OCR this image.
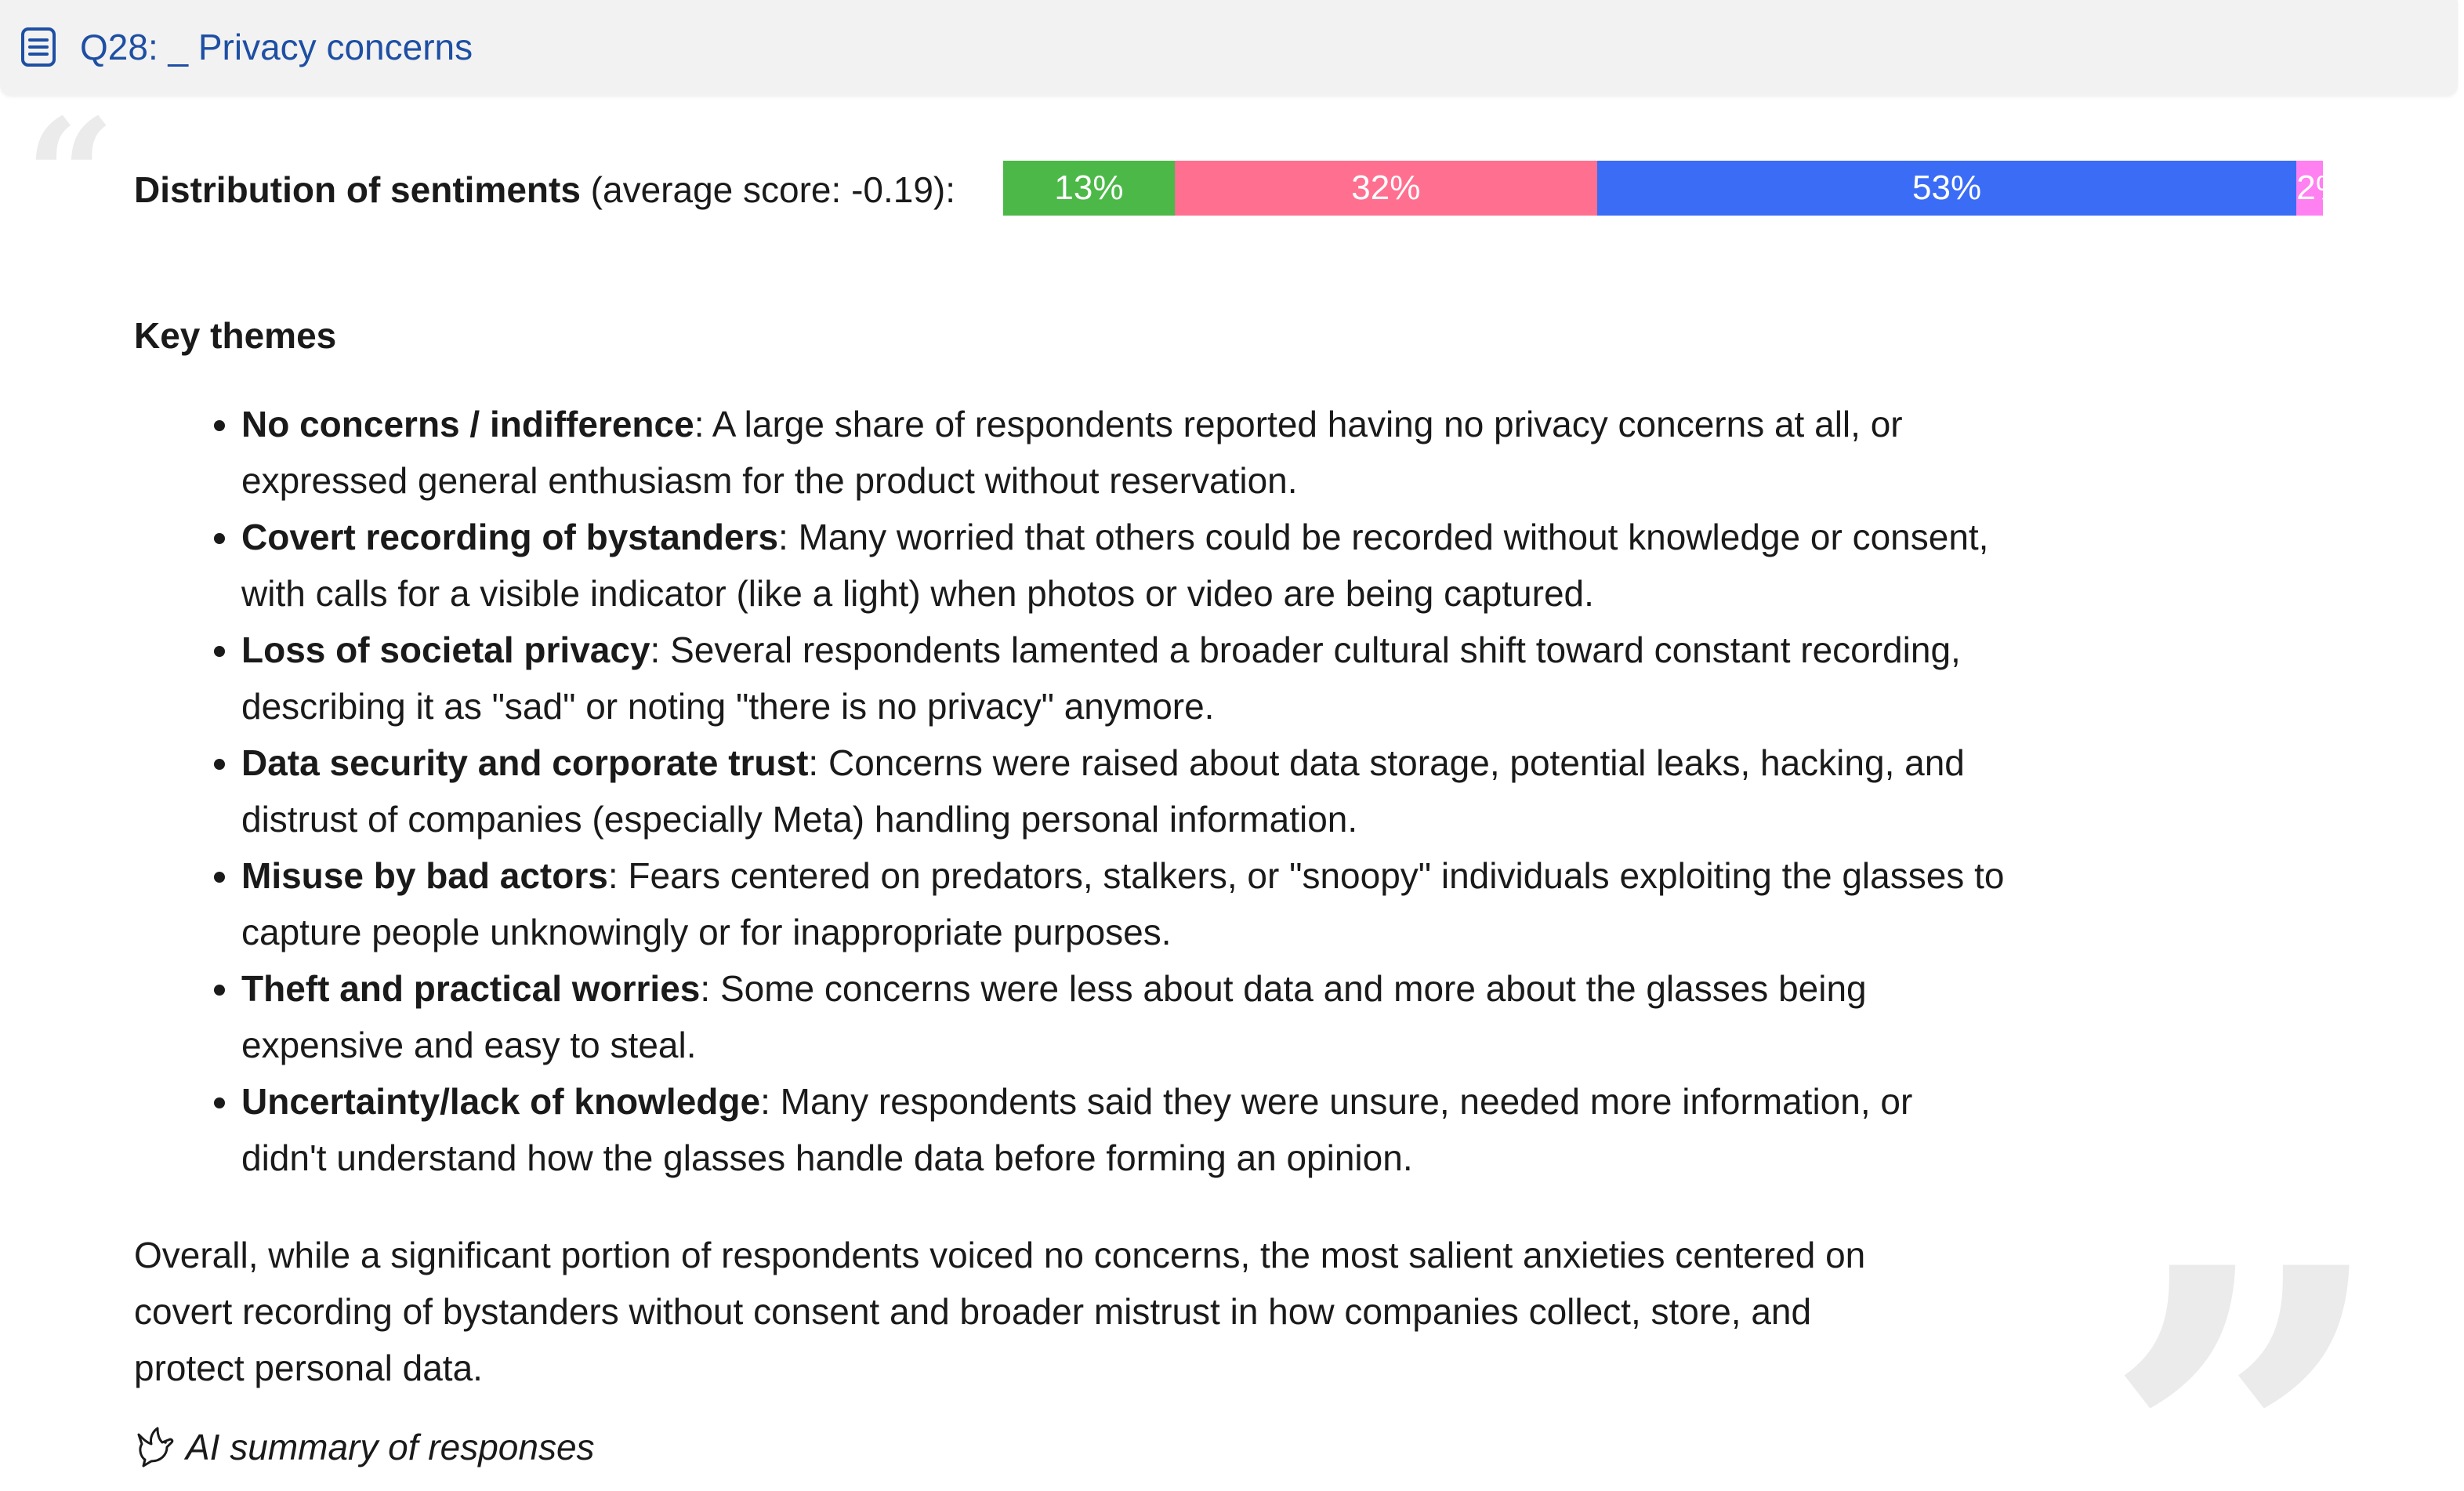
Q28: _ Privacy concerns
“
”
Distribution of sentiments (average score: -0.19):	13%	32%	53%	2%
Key themes
• No concerns / indifference: A large share of respondents reported having no privacy concerns at all, or expressed general enthusiasm for the product without reservation.
• Covert recording of bystanders: Many worried that others could be recorded without knowledge or consent, with calls for a visible indicator (like a light) when photos or video are being captured.
• Loss of societal privacy: Several respondents lamented a broader cultural shift toward constant recording, describing it as "sad" or noting "there is no privacy" anymore.
• Data security and corporate trust: Concerns were raised about data storage, potential leaks, hacking, and distrust of companies (especially Meta) handling personal information.
• Misuse by bad actors: Fears centered on predators, stalkers, or "snoopy" individuals exploiting the glasses to capture people unknowingly or for inappropriate purposes.
• Theft and practical worries: Some concerns were less about data and more about the glasses being expensive and easy to steal.
• Uncertainty/lack of knowledge: Many respondents said they were unsure, needed more information, or didn't understand how the glasses handle data before forming an opinion.
Overall, while a significant portion of respondents voiced no concerns, the most salient anxieties centered on covert recording of bystanders without consent and broader mistrust in how companies collect, store, and protect personal data.
AI summary of responses
